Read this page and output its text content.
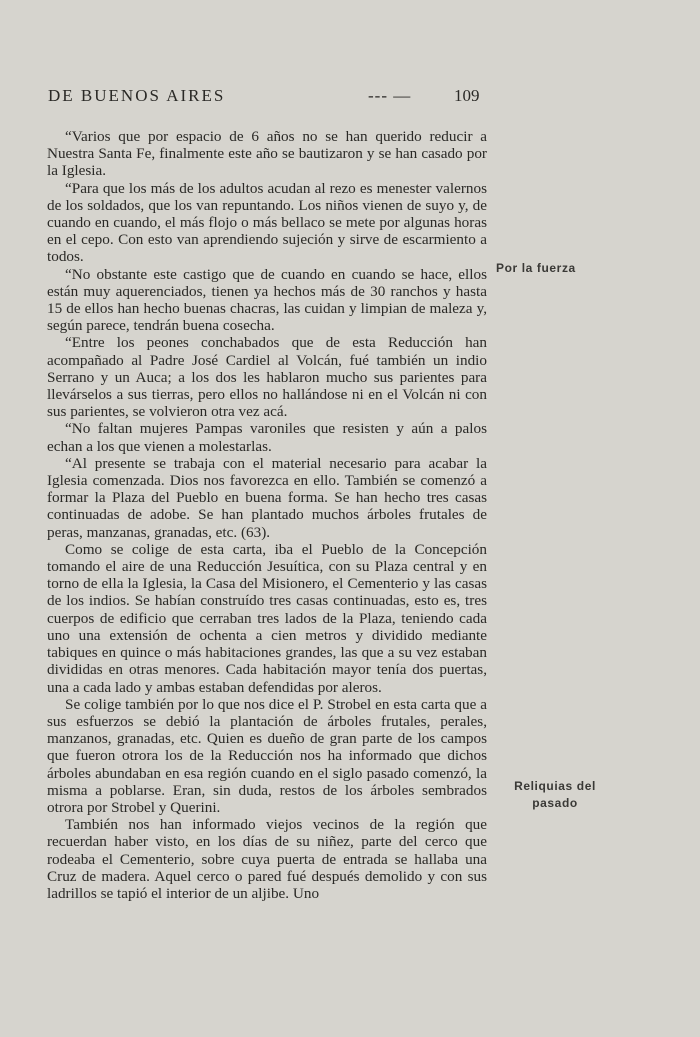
DE BUENOS AIRES	--- —	109

“Varios que por espacio de 6 años no se han querido reducir a Nuestra Santa Fe, finalmente este año se bautizaron y se han casado por la Iglesia.

“Para que los más de los adultos acudan al rezo es menester valernos de los soldados, que los van repuntando. Los niños vienen de suyo y, de cuando en cuando, el más flojo o más bellaco se mete por algunas horas en el cepo. Con esto van aprendiendo sujeción y sirve de escarmiento a todos.

“No obstante este castigo que de cuando en cuando se hace, ellos están muy aquerenciados, tienen ya hechos más de 30 ranchos y hasta 15 de ellos han hecho buenas chacras, las cuidan y limpian de maleza y, según parece, tendrán buena cosecha.

“Entre los peones conchabados que de esta Reducción han acompañado al Padre José Cardiel al Volcán, fué también un indio Serrano y un Auca; a los dos les hablaron mucho sus parientes para llevárselos a sus tierras, pero ellos no hallándose ni en el Volcán ni con sus parientes, se volvieron otra vez acá.

“No faltan mujeres Pampas varoniles que resisten y aún a palos echan a los que vienen a molestarlas.

“Al presente se trabaja con el material necesario para acabar la Iglesia comenzada. Dios nos favorezca en ello. También se comenzó a formar la Plaza del Pueblo en buena forma. Se han hecho tres casas continuadas de adobe. Se han plantado muchos árboles frutales de peras, manzanas, granadas, etc. (63).

Como se colige de esta carta, iba el Pueblo de la Concepción tomando el aire de una Reducción Jesuítica, con su Plaza central y en torno de ella la Iglesia, la Casa del Misionero, el Cementerio y las casas de los indios. Se habían construído tres casas continuadas, esto es, tres cuerpos de edificio que cerraban tres lados de la Plaza, teniendo cada uno una extensión de ochenta a cien metros y dividido mediante tabiques en quince o más habitaciones grandes, las que a su vez estaban divididas en otras menores. Cada habitación mayor tenía dos puertas, una a cada lado y ambas estaban defendidas por aleros.

Se colige también por lo que nos dice el P. Strobel en esta carta que a sus esfuerzos se debió la plantación de árboles frutales, perales, manzanos, granadas, etc. Quien es dueño de gran parte de los campos que fueron otrora los de la Reducción nos ha informado que dichos árboles abundaban en esa región cuando en el siglo pasado comenzó, la misma a poblarse. Eran, sin duda, restos de los árboles sembrados otrora por Strobel y Querini.

También nos han informado viejos vecinos de la región que recuerdan haber visto, en los días de su niñez, parte del cerco que rodeaba el Cementerio, sobre cuya puerta de entrada se hallaba una Cruz de madera. Aquel cerco o pared fué después demolido y con sus ladrillos se tapió el interior de un aljibe. Uno

Por la fuerza
Reliquias del pasado
